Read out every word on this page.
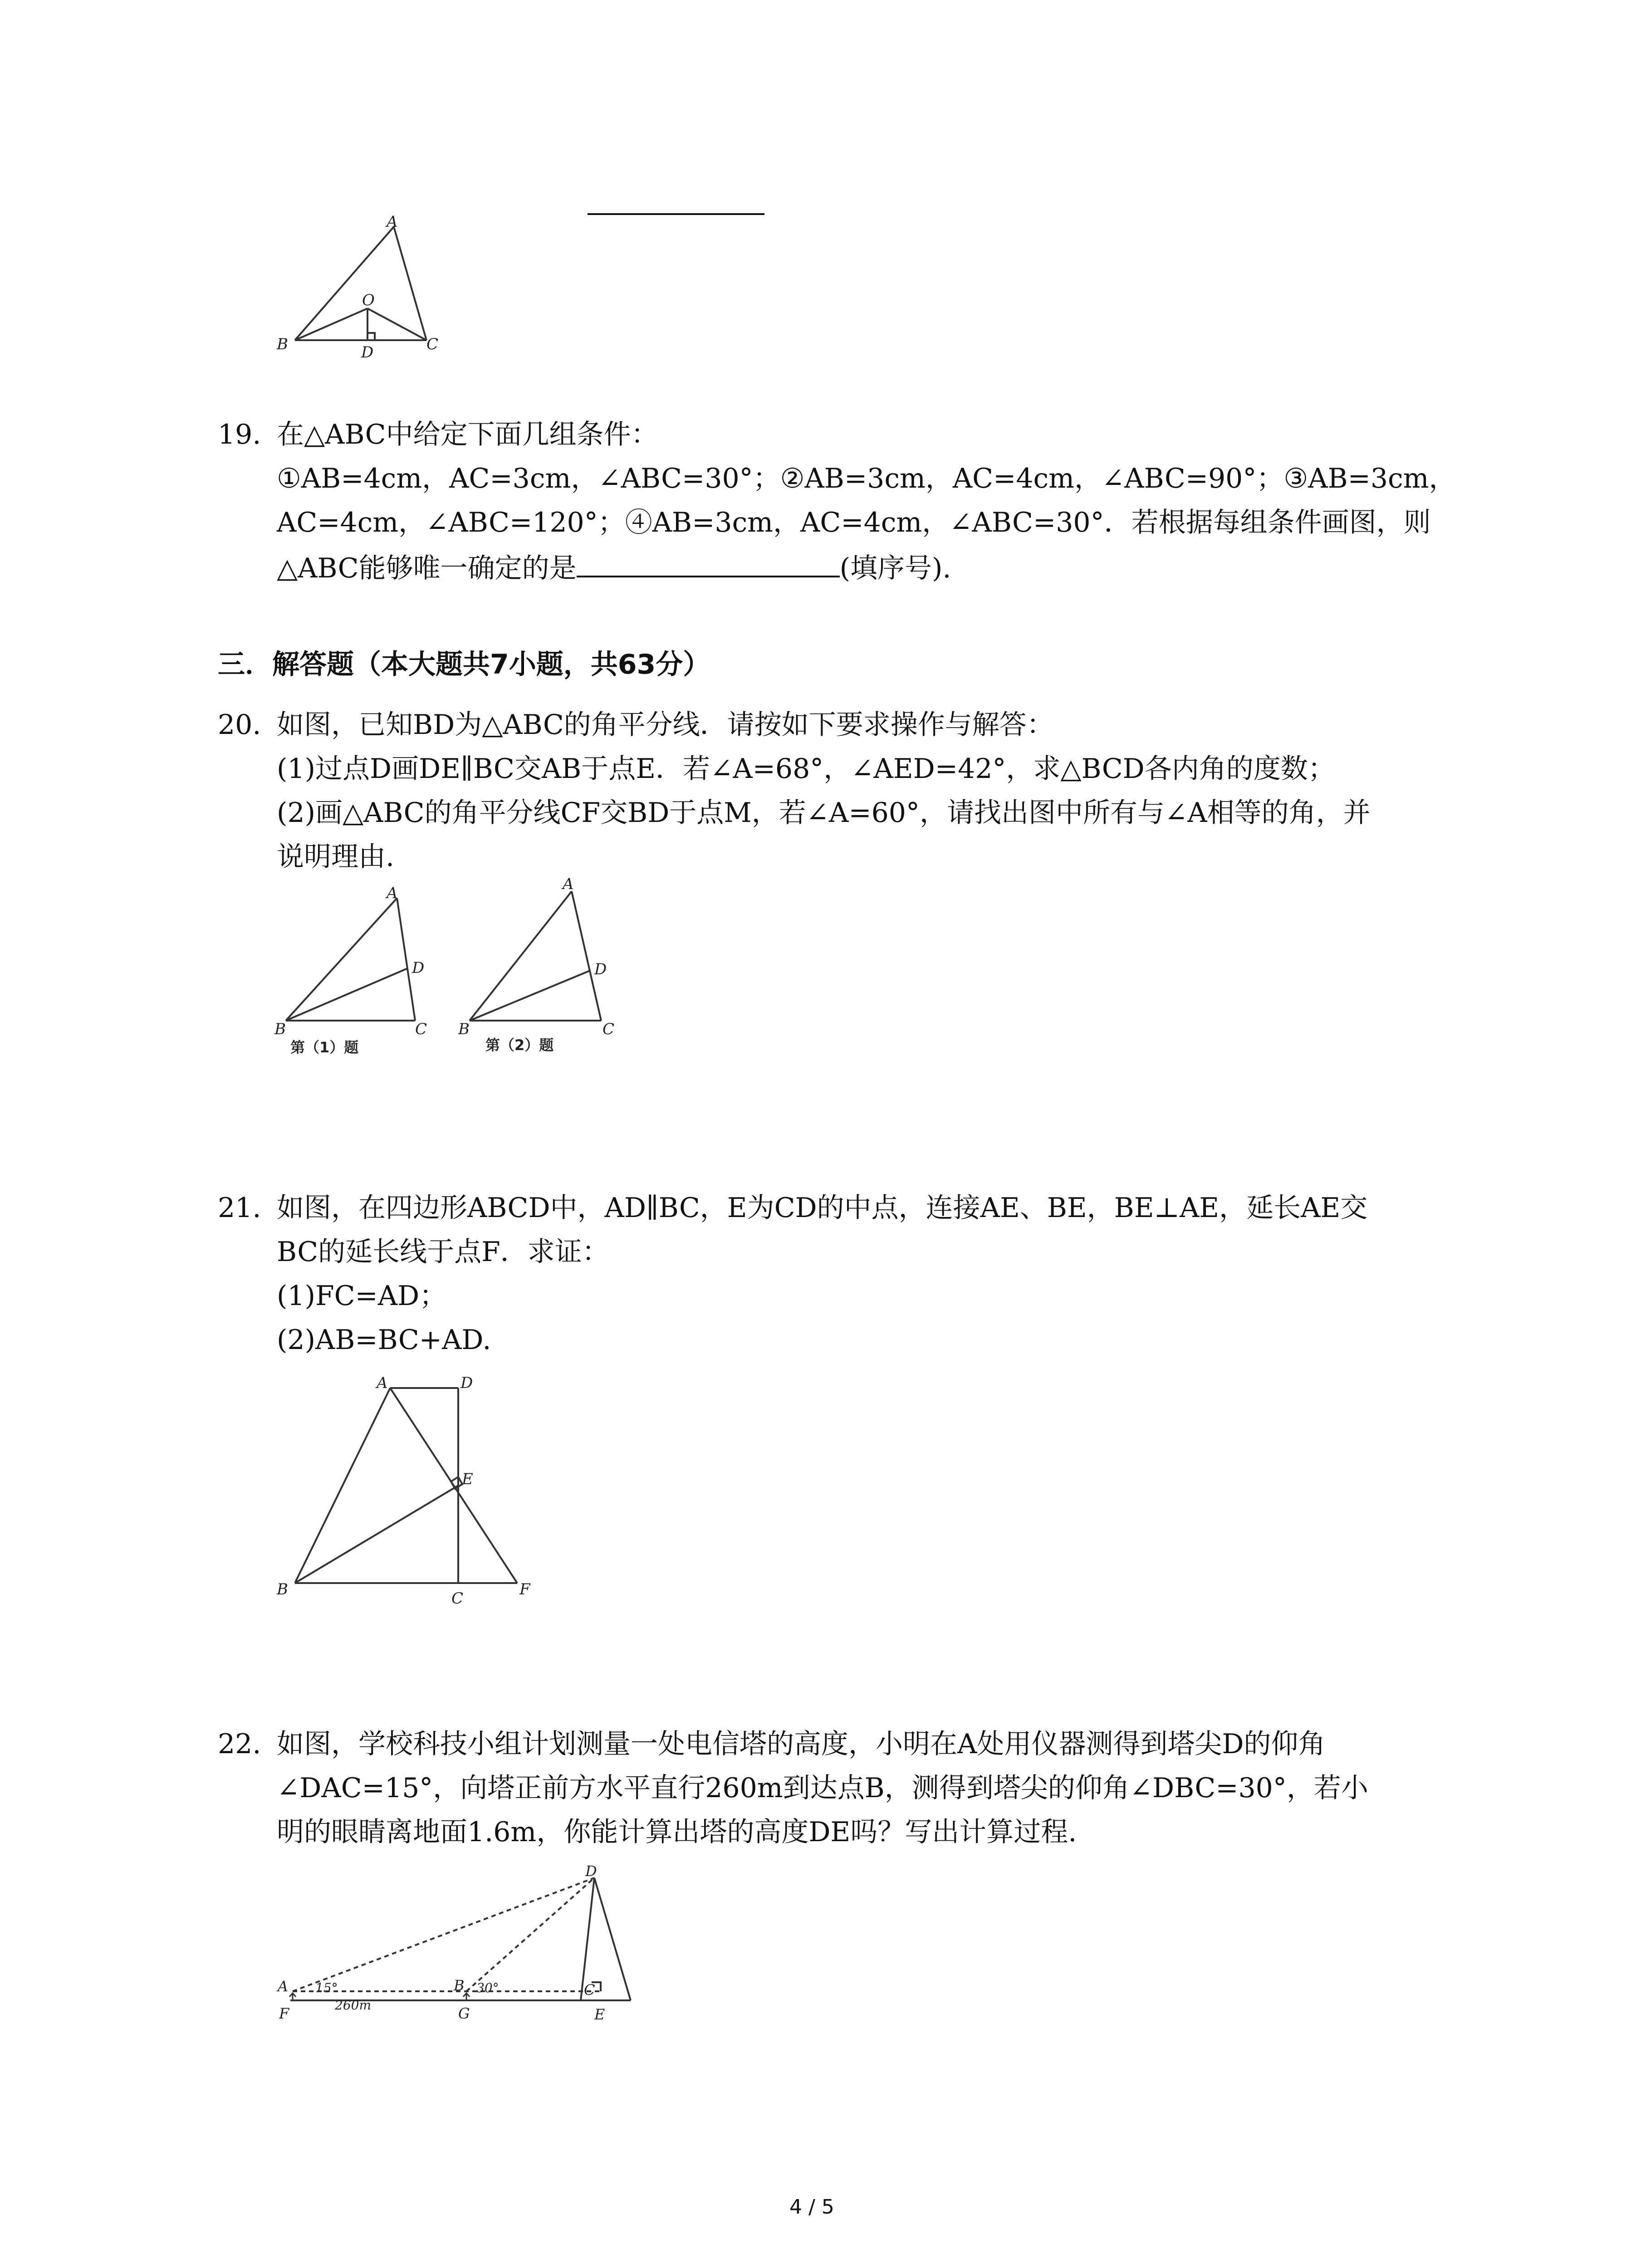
A
O
B	D	C
19. 在△ABC中给定下面几组条件：
①AB=4cm，AC=3cm，∠ABC=30°；②AB=3cm，AC=4cm，∠ABC=90°；③AB=3cm，
AC=4cm，∠ABC=120°；④AB=3cm，AC=4cm，∠ABC=30°．若根据每组条件画图，则
△ABC能够唯一确定的是	(填序号).
三．解答题（本大题共7小题，共63分）
20. 如图，已知BD为△ABC的角平分线．请按如下要求操作与解答：
(1)过点D画DE∥BC交AB于点E．若∠A=68°，∠AED=42°，求△BCD各内角的度数；
(2)画△ABC的角平分线CF交BD于点M，若∠A=60°，请找出图中所有与∠A相等的角，并
说明理由.
A
D
B	C
第（1）题
A
D
B	C
第（2）题
21. 如图，在四边形ABCD中，AD∥BC，E为CD的中点，连接AE、BE，BE⊥AE，延长AE交
BC的延长线于点F．求证：
(1)FC=AD；
(2)AB=BC+AD.
A	D
E
B	C	F
22. 如图，学校科技小组计划测量一处电信塔的高度，小明在A处用仪器测得到塔尖D的仰角
∠DAC=15°，向塔正前方水平直行260m到达点B，测得到塔尖的仰角∠DBC=30°，若小
明的眼睛离地面1.6m，你能计算出塔的高度DE吗？写出计算过程.
D
A 15°
260m
B 30°	C
F	G	E
4 / 5
